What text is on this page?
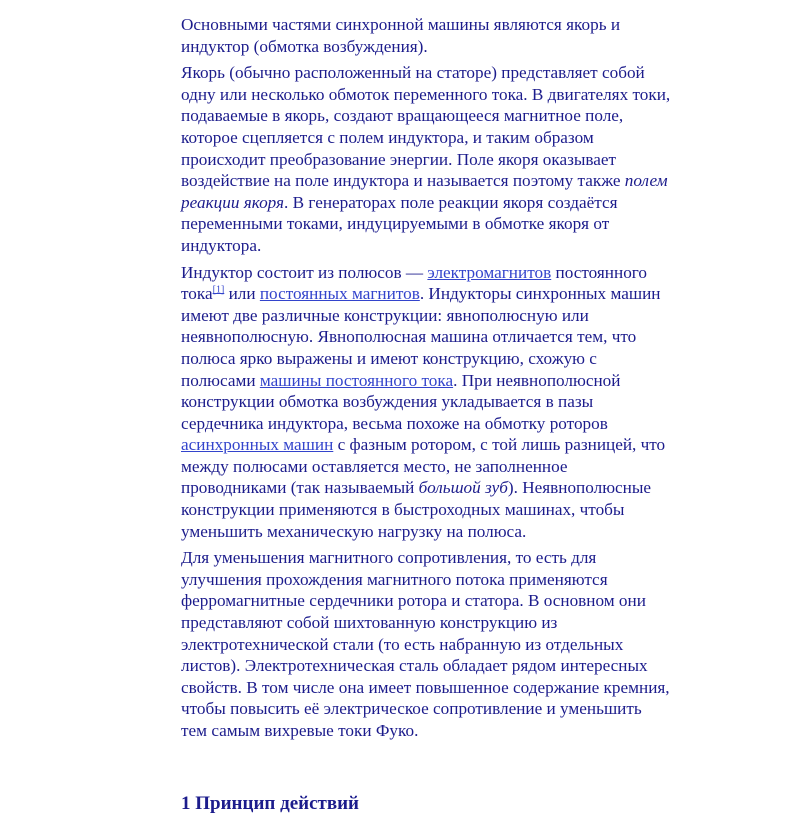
Основными частями синхронной машины являются якорь и индуктор (обмотка возбуждения).

Якорь (обычно расположенный на статоре) представляет собой одну или несколько обмоток переменного тока. В двигателях токи, подаваемые в якорь, создают вращающееся магнитное поле, которое сцепляется с полем индуктора, и таким образом происходит преобразование энергии. Поле якоря оказывает воздействие на поле индуктора и называется поэтому также полем реакции якоря. В генераторах поле реакции якоря создаётся переменными токами, индуцируемыми в обмотке якоря от индуктора.

Индуктор состоит из полюсов — электромагнитов постоянного тока[1] или постоянных магнитов. Индукторы синхронных машин имеют две различные конструкции: явнополюсную или неявнополюсную. Явнополюсная машина отличается тем, что полюса ярко выражены и имеют конструкцию, схожую с полюсами машины постоянного тока. При неявнополюсной конструкции обмотка возбуждения укладывается в пазы сердечника индуктора, весьма похоже на обмотку роторов асинхронных машин с фазным ротором, с той лишь разницей, что между полюсами оставляется место, не заполненное проводниками (так называемый большой зуб). Неявнополюсные конструкции применяются в быстроходных машинах, чтобы уменьшить механическую нагрузку на полюса.

Для уменьшения магнитного сопротивления, то есть для улучшения прохождения магнитного потока применяются ферромагнитные сердечники ротора и статора. В основном они представляют собой шихтованную конструкцию из электротехнической стали (то есть набранную из отдельных листов). Электротехническая сталь обладает рядом интересных свойств. В том числе она имеет повышенное содержание кремния, чтобы повысить её электрическое сопротивление и уменьшить тем самым вихревые токи Фуко.

1 Принцип действий
